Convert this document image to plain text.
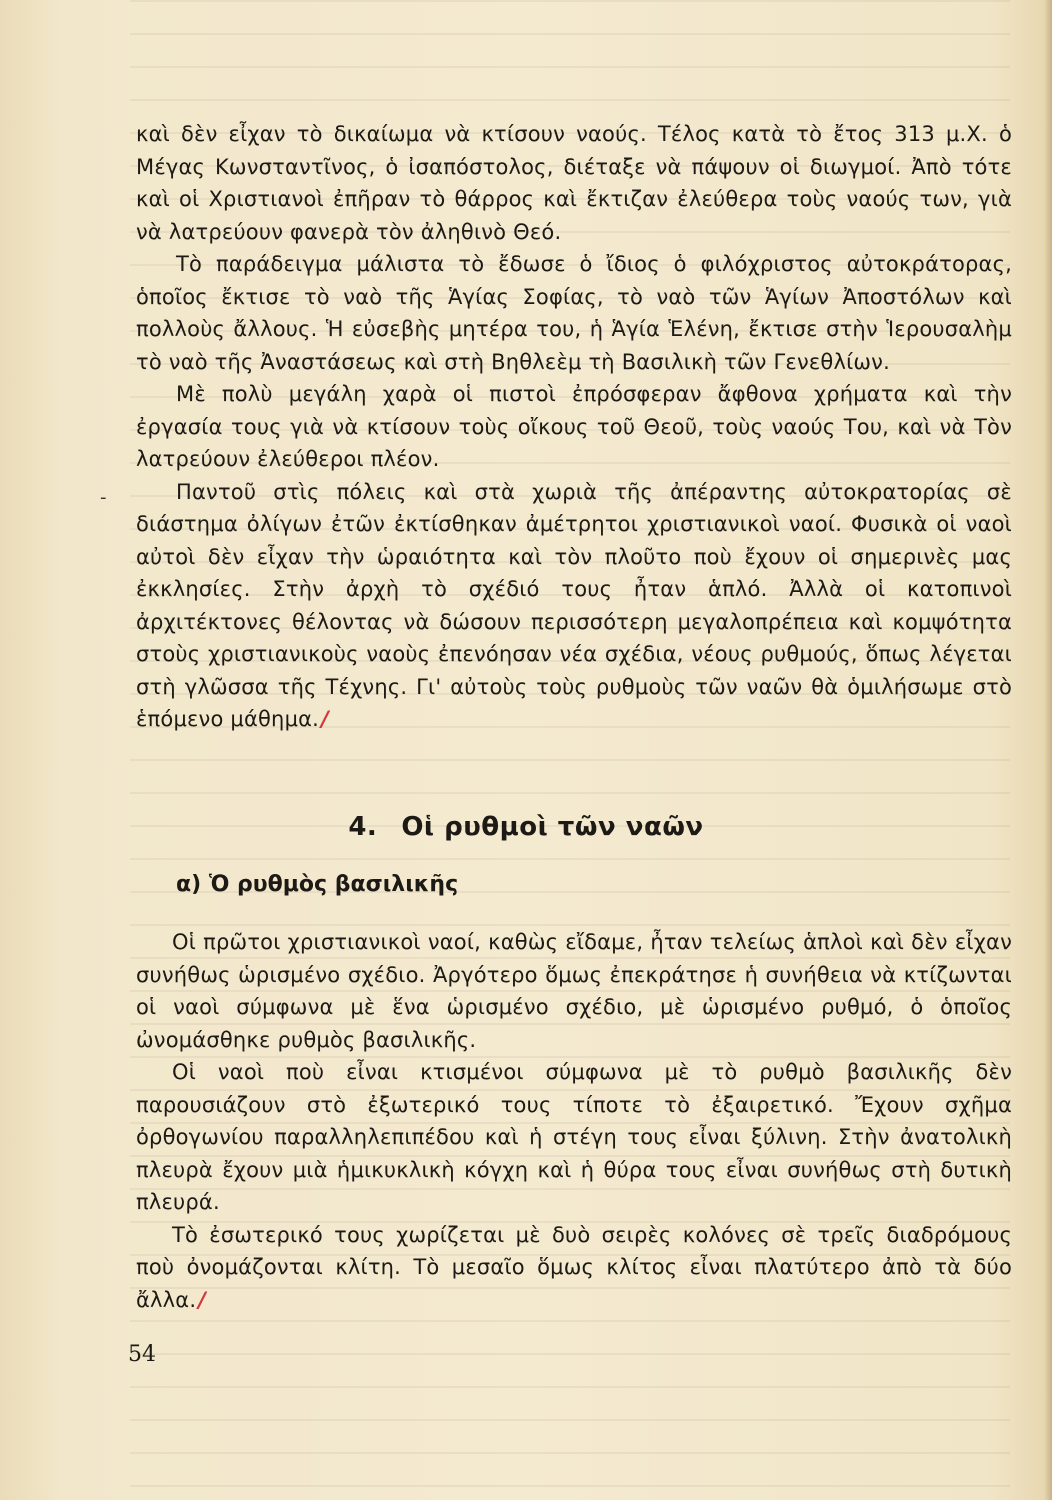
-

καὶ δὲν εἶχαν τὸ δικαίωμα νὰ κτίσουν ναούς. Τέλος κατὰ τὸ ἔτος 313 μ.Χ. ὁ Μέγας Κωνσταντῖνος, ὁ ἰσαπόστολος, διέταξε νὰ πάψουν οἱ διωγμοί. Ἀπὸ τότε καὶ οἱ Χριστιανοὶ ἐπῆραν τὸ θάρρος καὶ ἔκτιζαν ἐλεύθερα τοὺς ναούς των, γιὰ νὰ λατρεύουν φανερὰ τὸν ἀληθινὸ Θεό.

Τὸ παράδειγμα μάλιστα τὸ ἔδωσε ὁ ἴδιος ὁ φιλόχριστος αὐτοκράτορας, ὁποῖος ἔκτισε τὸ ναὸ τῆς Ἁγίας Σοφίας, τὸ ναὸ τῶν Ἁγίων Ἀποστόλων καὶ πολλοὺς ἄλλους. Ἡ εὐσεβὴς μητέρα του, ἡ Ἁγία Ἑλένη, ἔκτισε στὴν Ἱερουσαλὴμ τὸ ναὸ τῆς Ἀναστάσεως καὶ στὴ Βηθλεὲμ τὴ Βασιλικὴ τῶν Γενεθλίων.

Μὲ πολὺ μεγάλη χαρὰ οἱ πιστοὶ ἐπρόσφεραν ἄφθονα χρήματα καὶ τὴν ἐργασία τους γιὰ νὰ κτίσουν τοὺς οἴκους τοῦ Θεοῦ, τοὺς ναούς Του, καὶ νὰ Τὸν λατρεύουν ἐλεύθεροι πλέον.

Παντοῦ στὶς πόλεις καὶ στὰ χωριὰ τῆς ἀπέραντης αὐτοκρατορίας σὲ διάστημα ὀλίγων ἐτῶν ἐκτίσθηκαν ἀμέτρητοι χριστιανικοὶ ναοί. Φυσικὰ οἱ ναοὶ αὐτοὶ δὲν εἶχαν τὴν ὡραιότητα καὶ τὸν πλοῦτο ποὺ ἔχουν οἱ σημερινὲς μας ἐκκλησίες. Στὴν ἀρχὴ τὸ σχέδιό τους ἦταν ἁπλό. Ἀλλὰ οἱ κατοπινοὶ ἀρχιτέκτονες θέλοντας νὰ δώσουν περισσότερη μεγαλοπρέπεια καὶ κομψότητα στοὺς χριστιανικοὺς ναοὺς ἐπενόησαν νέα σχέδια, νέους ρυθμούς, ὅπως λέγεται στὴ γλῶσσα τῆς Τέχνης. Γι' αὐτοὺς τοὺς ρυθμοὺς τῶν ναῶν θὰ ὁμιλήσωμε στὸ ἑπόμενο μάθημα./

4. Οἱ ρυθμοὶ τῶν ναῶν
α) Ὁ ρυθμὸς βασιλικῆς

Οἱ πρῶτοι χριστιανικοὶ ναοί, καθὼς εἴδαμε, ἦταν τελείως ἁπλοὶ καὶ δὲν εἶχαν συνήθως ὡρισμένο σχέδιο. Ἀργότερο ὅμως ἐπεκράτησε ἡ συνήθεια νὰ κτίζωνται οἱ ναοὶ σύμφωνα μὲ ἕνα ὡρισμένο σχέδιο, μὲ ὡρισμένο ρυθμό, ὁ ὁποῖος ὠνομάσθηκε ρυθμὸς βασιλικῆς.

Οἱ ναοὶ ποὺ εἶναι κτισμένοι σύμφωνα μὲ τὸ ρυθμὸ βασιλικῆς δὲν παρουσιάζουν στὸ ἐξωτερικό τους τίποτε τὸ ἐξαιρετικό. Ἔχουν σχῆμα ὀρθογωνίου παραλληλεπιπέδου καὶ ἡ στέγη τους εἶναι ξύλινη. Στὴν ἀνατολικὴ πλευρὰ ἔχουν μιὰ ἡμικυκλικὴ κόγχη καὶ ἡ θύρα τους εἶναι συνήθως στὴ δυτικὴ πλευρά.

Τὸ ἐσωτερικό τους χωρίζεται μὲ δυὸ σειρὲς κολόνες σὲ τρεῖς διαδρόμους ποὺ ὀνομάζονται κλίτη. Τὸ μεσαῖο ὅμως κλίτος εἶναι πλατύτερο ἀπὸ τὰ δύο ἄλλα./

54
